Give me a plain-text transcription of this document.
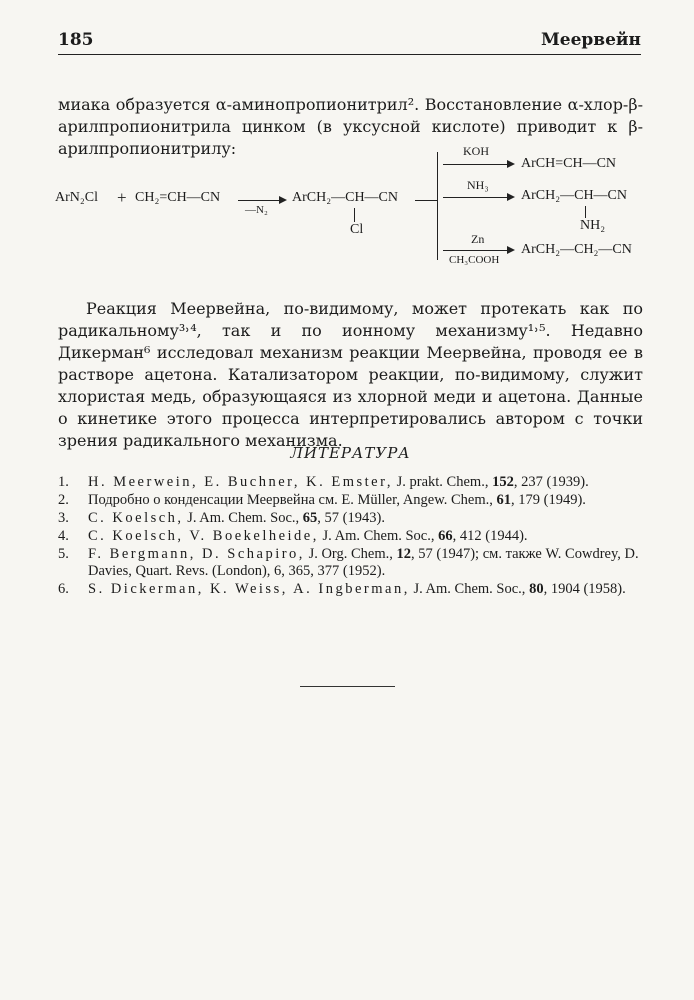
185	Меервейн

миака образуется α-аминопропионитрил². Восстановление α-хлор-β-арилпропионитрила цинком (в уксусной кислоте) приводит к β-арилпропионитрилу:

ArN₂Cl + CH₂=CH—CN
—N₂
ArCH₂—CH—CN
Cl
KOH
ArCH=CH—CN
NH₃
ArCH₂—CH—CN
NH₂
Zn
CH₃COOH
ArCH₂—CH₂—CN

Реакция Меервейна, по-видимому, может протекать как по радикальному³˒⁴, так и по ионному механизму¹˒⁵. Недавно Дикерман⁶ исследовал механизм реакции Меервейна, проводя ее в растворе ацетона. Катализатором реакции, по-видимому, служит хлористая медь, образующаяся из хлорной меди и ацетона. Данные о кинетике этого процесса интерпретировались автором с точки зрения радикального механизма.

ЛИТЕРАТУРА
1. H. Meerwein, E. Buchner, K. Emster, J. prakt. Chem., 152, 237 (1939).
2. Подробно о конденсации Меервейна см. E. Müller, Angew. Chem., 61, 179 (1949).
3. C. Koelsch, J. Am. Chem. Soc., 65, 57 (1943).
4. C. Koelsch, V. Boekelheide, J. Am. Chem. Soc., 66, 412 (1944).
5. F. Bergmann, D. Schapiro, J. Org. Chem., 12, 57 (1947); см. также W. Cowdrey, D. Davies, Quart. Revs. (London), 6, 365, 377 (1952).
6. S. Dickerman, K. Weiss, A. Ingberman, J. Am. Chem. Soc., 80, 1904 (1958).
